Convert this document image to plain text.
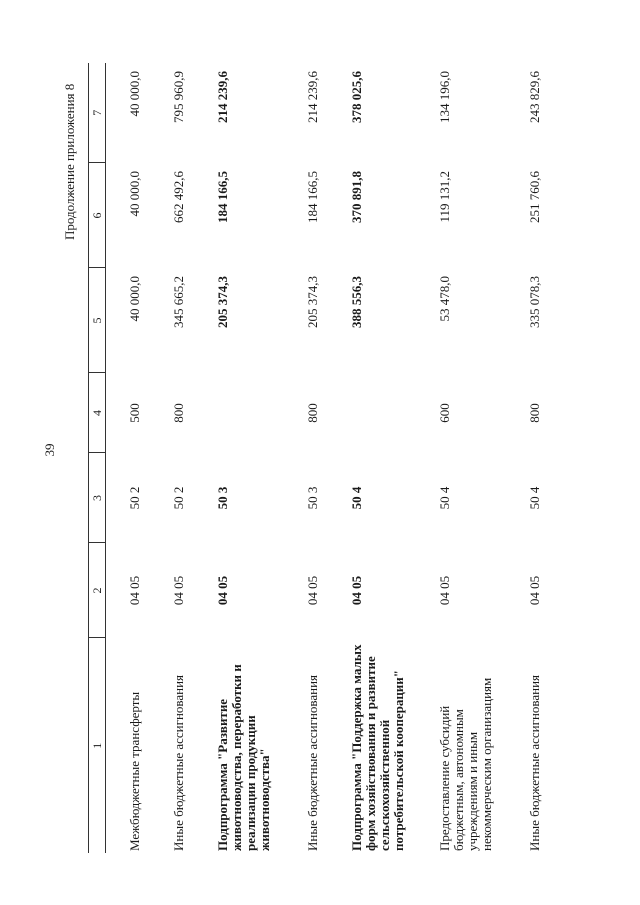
39
Продолжение приложения 8
1	2	3	4	5	6	7
Межбюджетные трансферты	04 05	50 2	500	40 000,0	40 000,0	40 000,0
Иные бюджетные ассигнования	04 05	50 2	800	345 665,2	662 492,6	795 960,9
Подпрограмма "Развитие животноводства, переработки и реализации продукции животноводства"	04 05	50 3		205 374,3	184 166,5	214 239,6
Иные бюджетные ассигнования	04 05	50 3	800	205 374,3	184 166,5	214 239,6
Подпрограмма "Поддержка малых форм хозяйствования и развитие сельскохозяйственной потребительской кооперации"	04 05	50 4		388 556,3	370 891,8	378 025,6
Предоставление субсидий бюджетным, автономным учреждениям и иным некоммерческим организациям	04 05	50 4	600	53 478,0	119 131,2	134 196,0
Иные бюджетные ассигнования	04 05	50 4	800	335 078,3	251 760,6	243 829,6
